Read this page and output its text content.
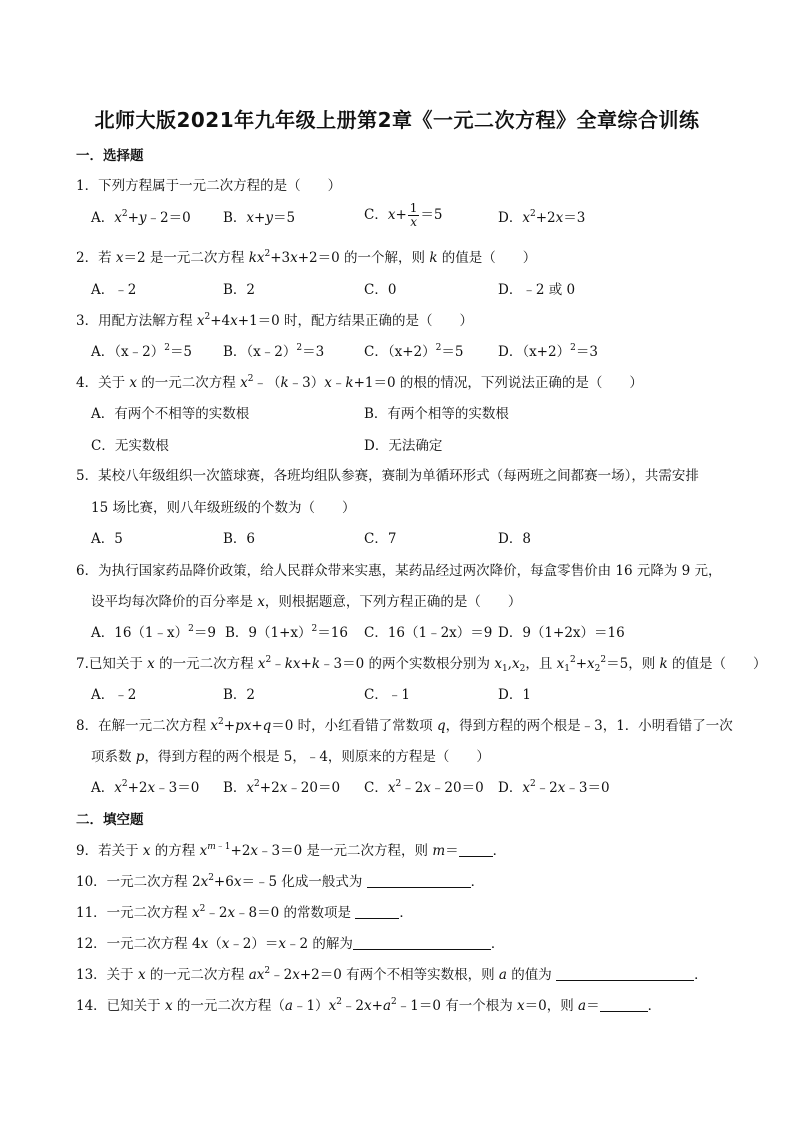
北师大版2021年九年级上册第2章《一元二次方程》全章综合训练
一．选择题
1．下列方程属于一元二次方程的是（　　）
A．$x^2+y﹣2=0$ B．x+y＝5	C．$x+ \frac{1}{x} =5$	D．$x^2+2x=3$
2．若 x＝2 是一元二次方程 $kx^2+3x+2=0$ 的一个解，则 k 的值是（　　）
A．﹣2	B．2	C．0	D．﹣2 或 0
3．用配方法解方程 $x^2+4x+1=0$ 时，配方结果正确的是（　　）
A．（x﹣2）$^2$＝5 B．（x﹣2）$^2$＝3	C．$(x+2)^2=5$	D．$(x+2)^2=3$
4．关于 x 的一元二次方程 $x^2﹣(k﹣3)x﹣k+1=0$ 的根的情况，下列说法正确的是（　　）
A．有两个不相等的实数根	B．有两个相等的实数根
C．无实数根	D．无法确定
5．某校八年级组织一次篮球赛，各班均组队参赛，赛制为单循环形式（每两班之间都赛一场），共需安排
15 场比赛，则八年级班级的个数为（　　）
A．5	B．6	C．7	D．8
6．为执行国家药品降价政策，给人民群众带来实惠，某药品经过两次降价，每盒零售价由 16 元降为 9 元，
设平均每次降价的百分率是 x，则根据题意，下列方程正确的是（　　）
A．16（1﹣x）$^2$＝9 B．$9(1+x)^2=16$ C．16（1﹣2x）＝9 D．9（1+2x）＝16
7.已知关于 x 的一元二次方程 $x^2﹣kx+k﹣3=0$ 的两个实数根分别为 $x_1,x_2$，且 $x_1^2+x_2^2=5$，则 k 的值是（　　）
A．﹣2	B．2	C．﹣1	D．1
8．在解一元二次方程 $x^2+px+q=0$ 时，小红看错了常数项 q，得到方程的两个根是﹣3，1．小明看错了一次
项系数 p，得到方程的两个根是 5，﹣4，则原来的方程是（　　）
A．$x^2+2x﹣3=0$ B．$x^2+2x﹣20=0$ C．$x^2﹣2x﹣20=0$ D．$x^2﹣2x﹣3=0$
二．填空题
9．若关于 x 的方程 $x^{m﹣1}+2x﹣3=0$ 是一元二次方程，则 m＝	．
10．一元二次方程 $2x^2+6x=﹣5$ 化成一般式为	．
11．一元二次方程 $x^2﹣2x﹣8=0$ 的常数项是	．
12．一元二次方程 4x（x﹣2）＝x﹣2 的解为	．
13．关于 x 的一元二次方程 $ax^2﹣2x+2=0$ 有两个不相等实数根，则 a 的值为	．
14．已知关于 x 的一元二次方程$(a﹣1)x^2﹣2x+a^2﹣1=0$ 有一个根为 x＝0，则 a＝	．
